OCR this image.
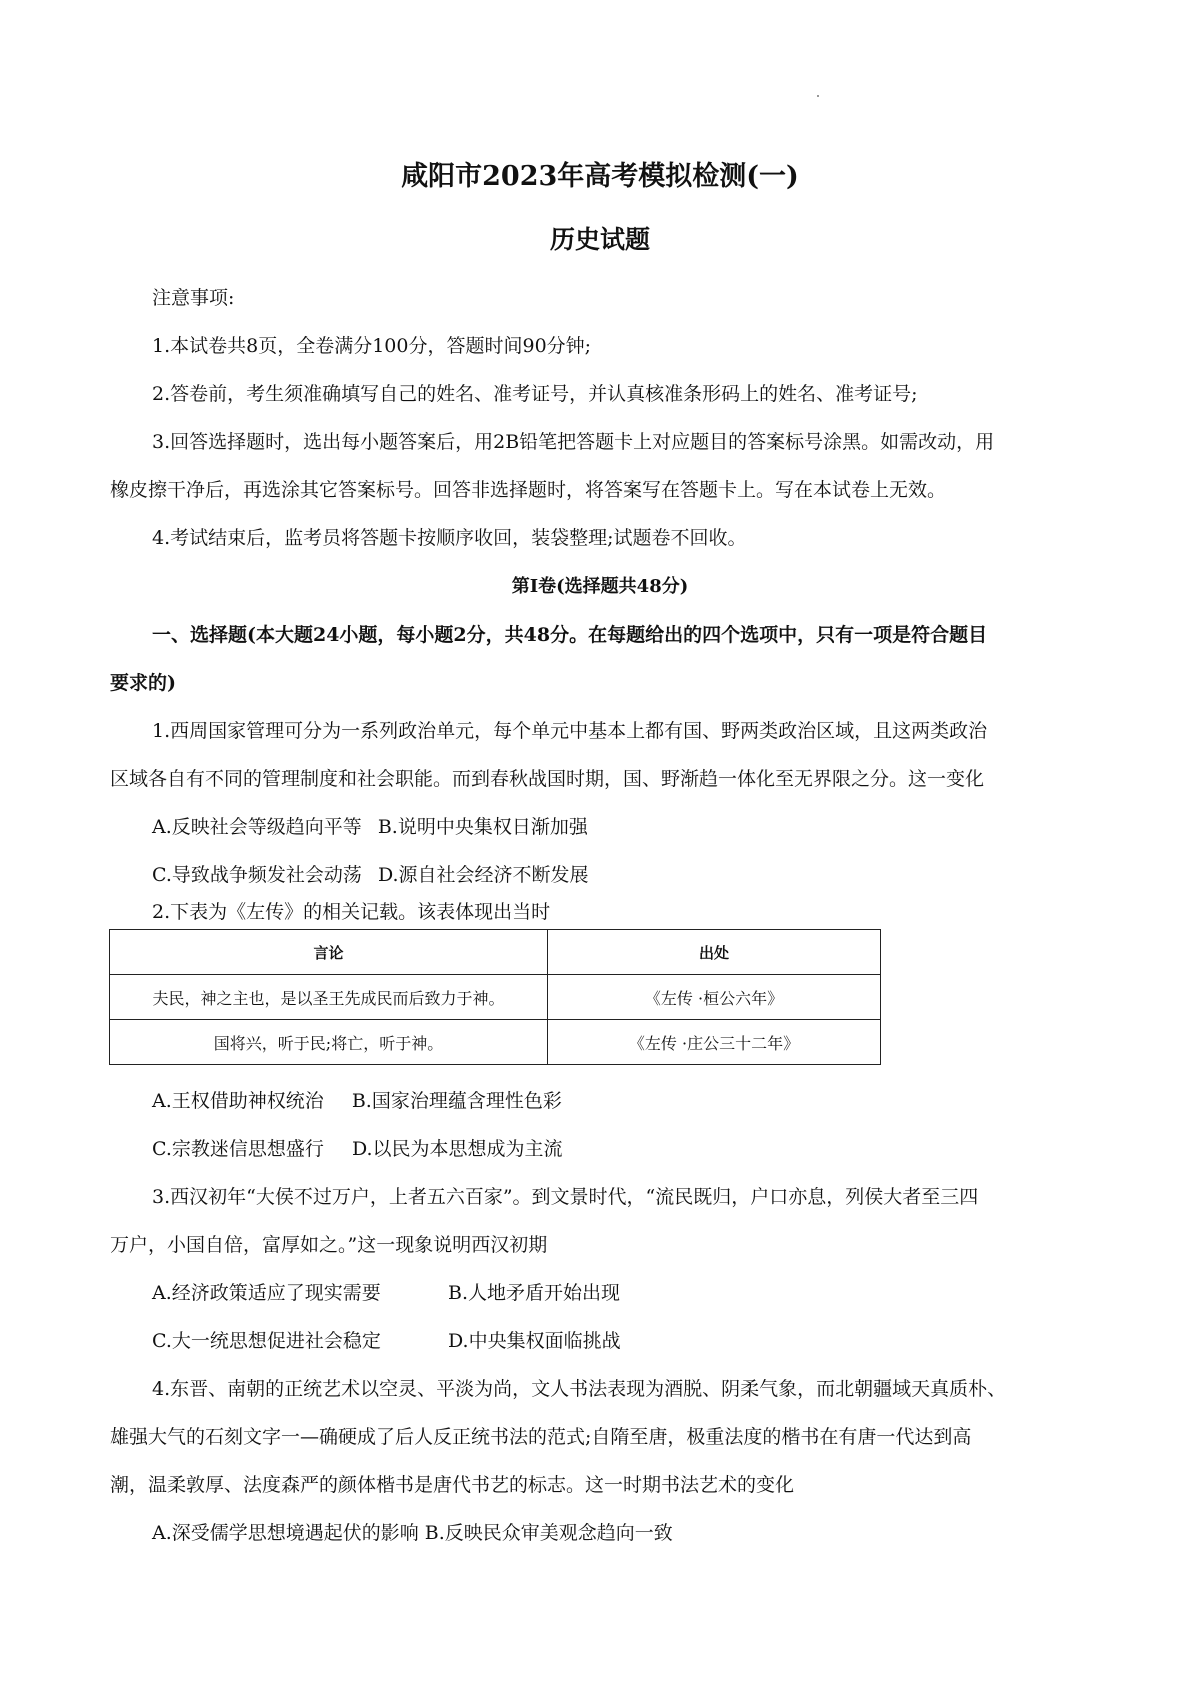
咸阳市2023年高考模拟检测(一)
历史试题
注意事项:
1.本试卷共8页，全卷满分100分，答题时间90分钟;
2.答卷前，考生须准确填写自己的姓名、准考证号，并认真核准条形码上的姓名、准考证号;
3.回答选择题时，选出每小题答案后，用2B铅笔把答题卡上对应题目的答案标号涂黑。如需改动，用
橡皮擦干净后，再选涂其它答案标号。回答非选择题时，将答案写在答题卡上。写在本试卷上无效。
4.考试结束后，监考员将答题卡按顺序收回，装袋整理;试题卷不回收。
第I卷(选择题共48分)
一、选择题(本大题24小题，每小题2分，共48分。在每题给出的四个选项中，只有一项是符合题目
要求的)
1.西周国家管理可分为一系列政治单元，每个单元中基本上都有国、野两类政治区域，且这两类政治
区域各自有不同的管理制度和社会职能。而到春秋战国时期，国、野渐趋一体化至无界限之分。这一变化
A.反映社会等级趋向平等 B.说明中央集权日渐加强
C.导致战争频发社会动荡 D.源自社会经济不断发展
2.下表为《左传》的相关记载。该表体现出当时
言论	出处
夫民，神之主也，是以圣王先成民而后致力于神。	《左传 ·桓公六年》
国将兴，听于民;将亡，听于神。	《左传 ·庄公三十二年》
A.王权借助神权统治 B.国家治理蕴含理性色彩
C.宗教迷信思想盛行 D.以民为本思想成为主流
3.西汉初年“大侯不过万户，上者五六百家”。到文景时代，“流民既归，户口亦息，列侯大者至三四
万户，小国自倍，富厚如之。”这一现象说明西汉初期
A.经济政策适应了现实需要	B.人地矛盾开始出现
C.大一统思想促进社会稳定	D.中央集权面临挑战
4.东晋、南朝的正统艺术以空灵、平淡为尚，文人书法表现为酒脱、阴柔气象，而北朝疆域天真质朴、
雄强大气的石刻文字一—确硬成了后人反正统书法的范式;自隋至唐，极重法度的楷书在有唐一代达到高
潮，温柔敦厚、法度森严的颜体楷书是唐代书艺的标志。这一时期书法艺术的变化
A.深受儒学思想境遇起伏的影响 B.反映民众审美观念趋向一致
